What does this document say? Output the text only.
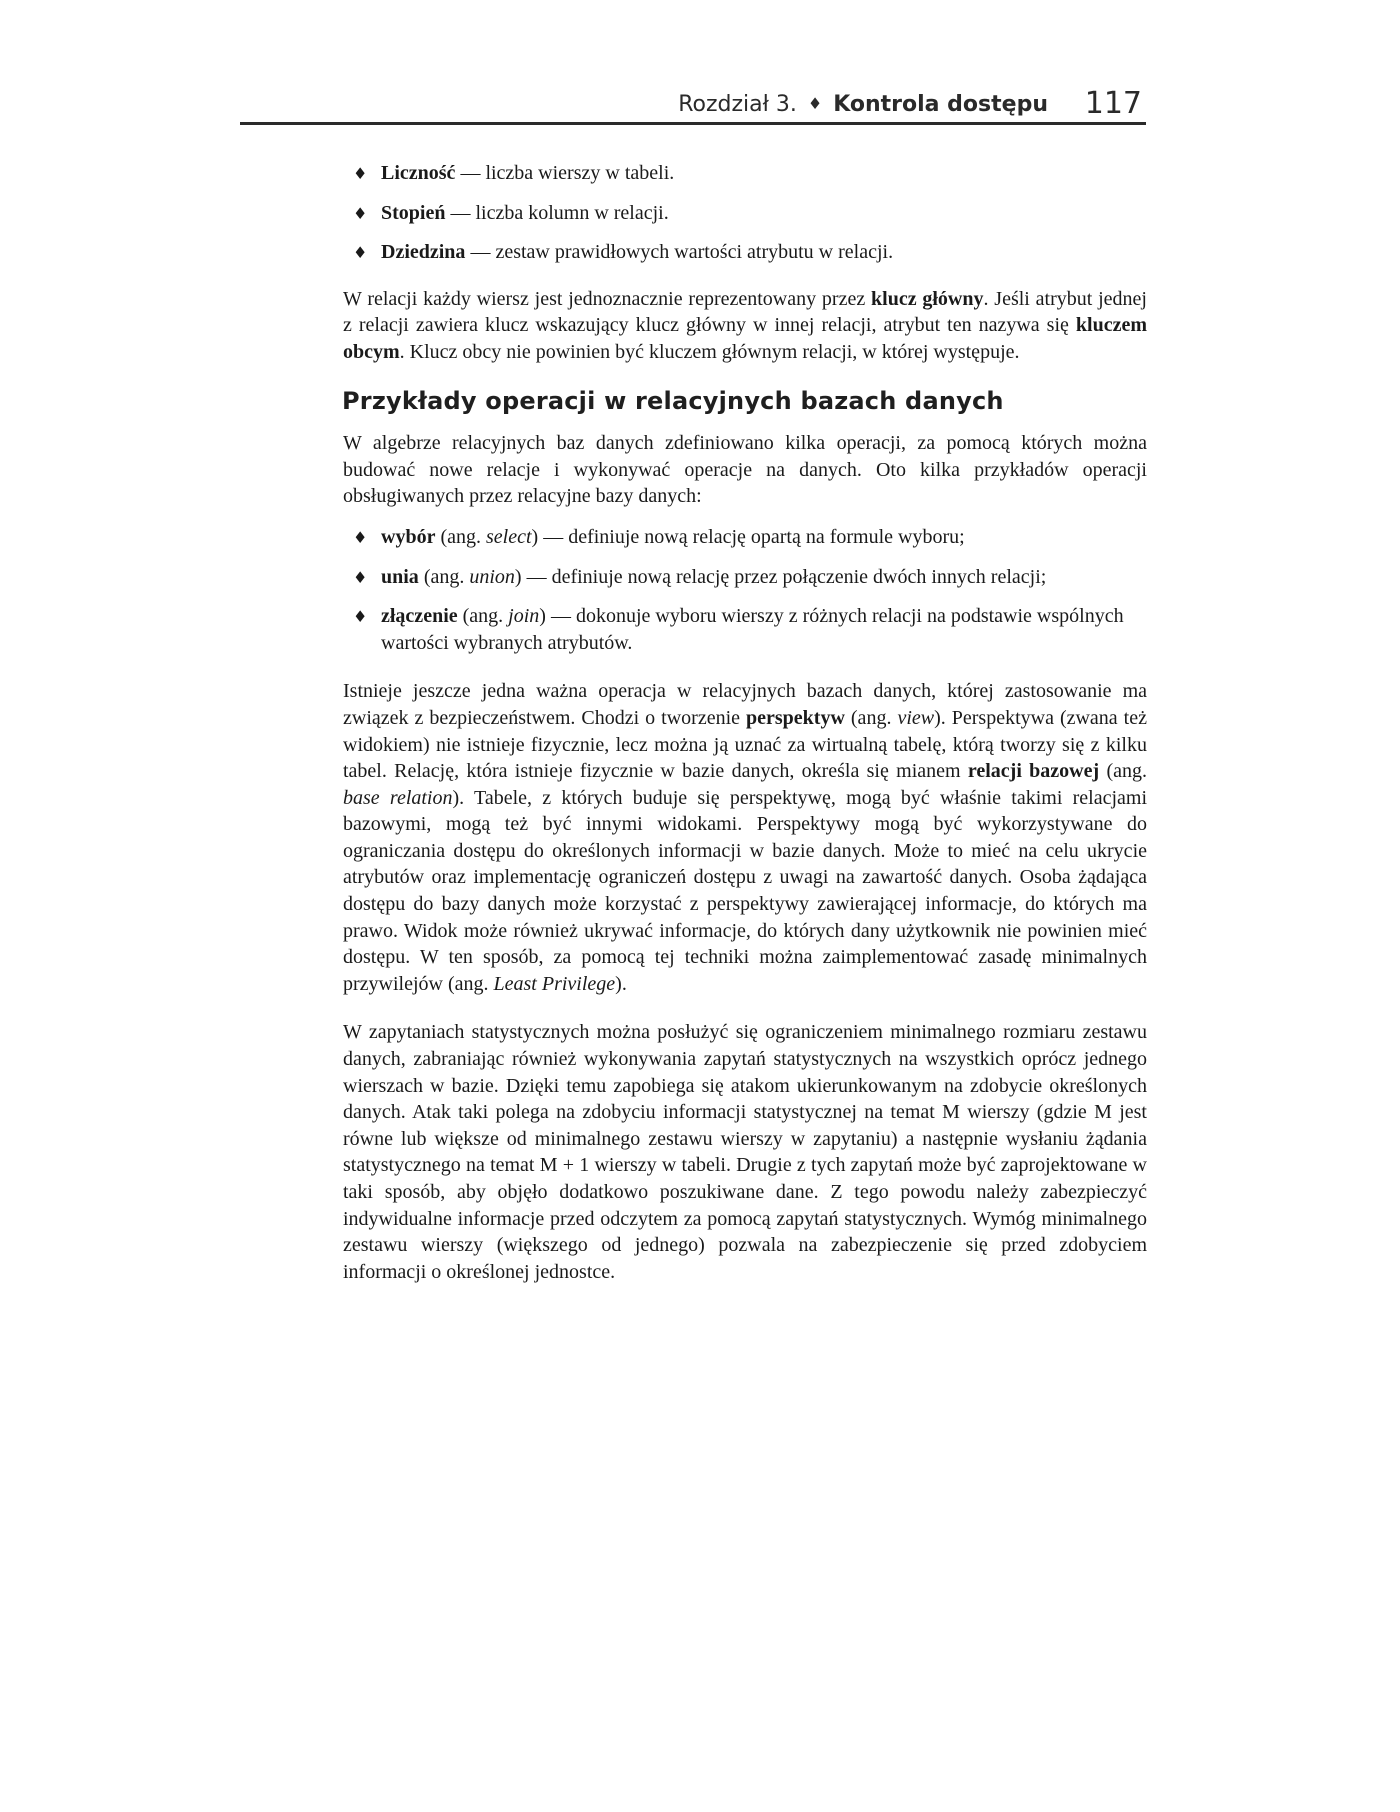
Rozdział 3. ♦ Kontrola dostępu 117
♦ Liczność — liczba wierszy w tabeli.
♦ Stopień — liczba kolumn w relacji.
♦ Dziedzina — zestaw prawidłowych wartości atrybutu w relacji.

W relacji każdy wiersz jest jednoznacznie reprezentowany przez klucz główny. Jeśli atrybut jednej z relacji zawiera klucz wskazujący klucz główny w innej relacji, atrybut ten nazywa się kluczem obcym. Klucz obcy nie powinien być kluczem głównym relacji, w której występuje.

Przykłady operacji w relacyjnych bazach danych

W algebrze relacyjnych baz danych zdefiniowano kilka operacji, za pomocą których można budować nowe relacje i wykonywać operacje na danych. Oto kilka przykładów operacji obsługiwanych przez relacyjne bazy danych:

♦ wybór (ang. select) — definiuje nową relację opartą na formule wyboru;
♦ unia (ang. union) — definiuje nową relację przez połączenie dwóch innych relacji;
♦ złączenie (ang. join) — dokonuje wyboru wierszy z różnych relacji na podstawie wspólnych wartości wybranych atrybutów.

Istnieje jeszcze jedna ważna operacja w relacyjnych bazach danych, której zastosowanie ma związek z bezpieczeństwem. Chodzi o tworzenie perspektyw (ang. view). Perspektywa (zwana też widokiem) nie istnieje fizycznie, lecz można ją uznać za wirtualną tabelę, którą tworzy się z kilku tabel. Relację, która istnieje fizycznie w bazie danych, określa się mianem relacji bazowej (ang. base relation). Tabele, z których buduje się perspektywę, mogą być właśnie takimi relacjami bazowymi, mogą też być innymi widokami. Perspektywy mogą być wykorzystywane do ograniczania dostępu do określonych informacji w bazie danych. Może to mieć na celu ukrycie atrybutów oraz implementację ograniczeń dostępu z uwagi na zawartość danych. Osoba żądająca dostępu do bazy danych może korzystać z perspektywy zawierającej informacje, do których ma prawo. Widok może również ukrywać informacje, do których dany użytkownik nie powinien mieć dostępu. W ten sposób, za pomocą tej techniki można zaimplementować zasadę minimalnych przywilejów (ang. Least Privilege).

W zapytaniach statystycznych można posłużyć się ograniczeniem minimalnego rozmiaru zestawu danych, zabraniając również wykonywania zapytań statystycznych na wszystkich oprócz jednego wierszach w bazie. Dzięki temu zapobiega się atakom ukierunkowanym na zdobycie określonych danych. Atak taki polega na zdobyciu informacji statystycznej na temat M wierszy (gdzie M jest równe lub większe od minimalnego zestawu wierszy w zapytaniu) a następnie wysłaniu żądania statystycznego na temat M + 1 wierszy w tabeli. Drugie z tych zapytań może być zaprojektowane w taki sposób, aby objęło dodatkowo poszukiwane dane. Z tego powodu należy zabezpieczyć indywidualne informacje przed odczytem za pomocą zapytań statystycznych. Wymóg minimalnego zestawu wierszy (większego od jednego) pozwala na zabezpieczenie się przed zdobyciem informacji o określonej jednostce.
